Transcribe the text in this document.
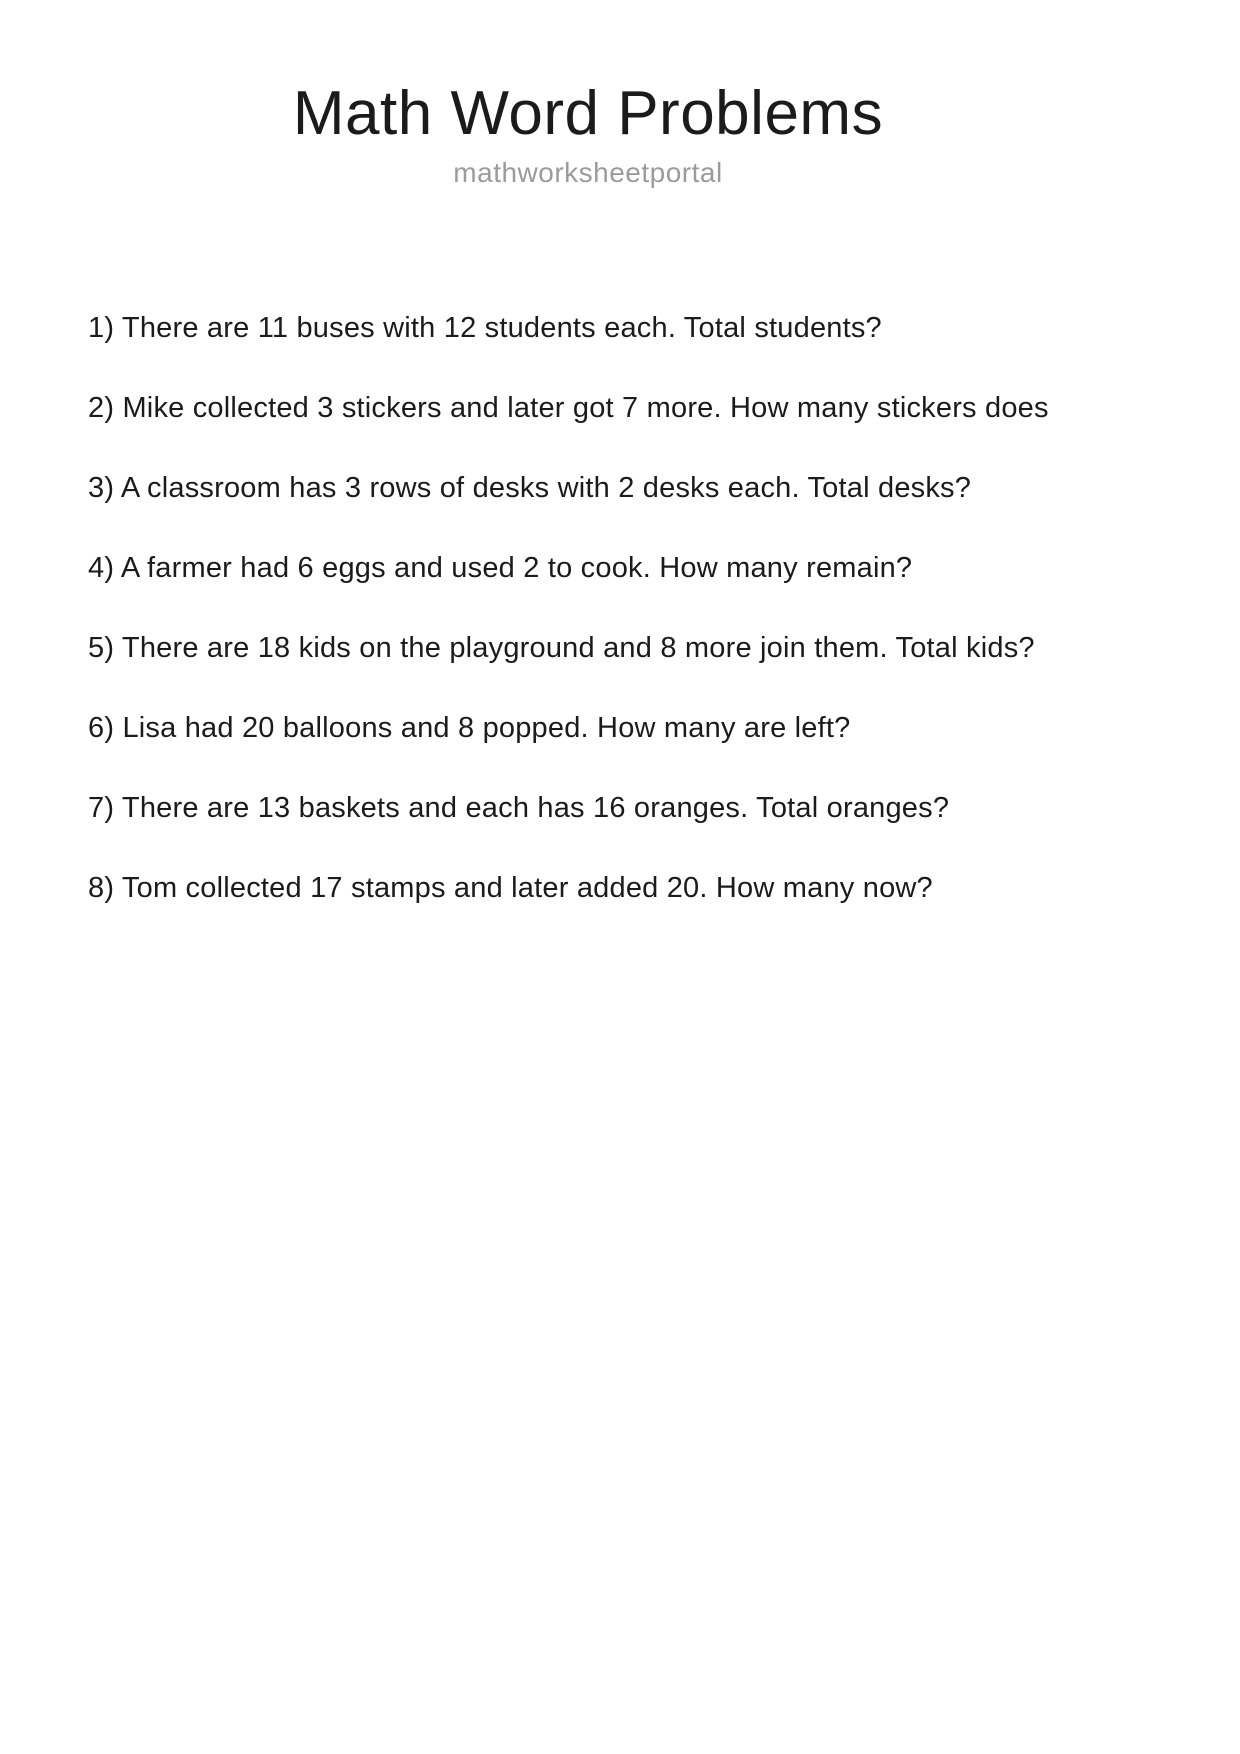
Math Word Problems
mathworksheetportal

1) There are 11 buses with 12 students each. Total students?

2) Mike collected 3 stickers and later got 7 more. How many stickers does

3) A classroom has 3 rows of desks with 2 desks each. Total desks?

4) A farmer had 6 eggs and used 2 to cook. How many remain?

5) There are 18 kids on the playground and 8 more join them. Total kids?

6) Lisa had 20 balloons and 8 popped. How many are left?

7) There are 13 baskets and each has 16 oranges. Total oranges?

8) Tom collected 17 stamps and later added 20. How many now?
